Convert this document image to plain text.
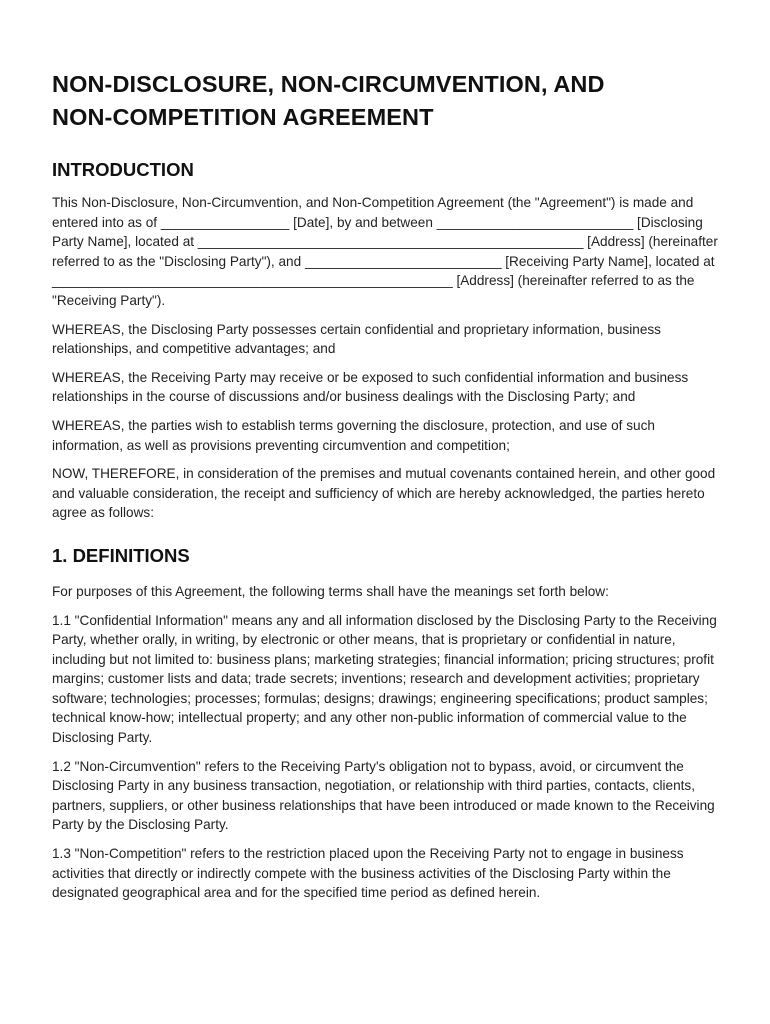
NON-DISCLOSURE, NON-CIRCUMVENTION, AND
NON-COMPETITION AGREEMENT
INTRODUCTION

This Non-Disclosure, Non-Circumvention, and Non-Competition Agreement (the "Agreement") is made and entered into as of _________________ [Date], by and between __________________________ [Disclosing Party Name], located at ___________________________________________________ [Address] (hereinafter referred to as the "Disclosing Party"), and __________________________ [Receiving Party Name], located at _____________________________________________________ [Address] (hereinafter referred to as the "Receiving Party").

WHEREAS, the Disclosing Party possesses certain confidential and proprietary information, business relationships, and competitive advantages; and

WHEREAS, the Receiving Party may receive or be exposed to such confidential information and business relationships in the course of discussions and/or business dealings with the Disclosing Party; and

WHEREAS, the parties wish to establish terms governing the disclosure, protection, and use of such information, as well as provisions preventing circumvention and competition;

NOW, THEREFORE, in consideration of the premises and mutual covenants contained herein, and other good and valuable consideration, the receipt and sufficiency of which are hereby acknowledged, the parties hereto agree as follows:

1. DEFINITIONS

For purposes of this Agreement, the following terms shall have the meanings set forth below:

1.1 "Confidential Information" means any and all information disclosed by the Disclosing Party to the Receiving Party, whether orally, in writing, by electronic or other means, that is proprietary or confidential in nature, including but not limited to: business plans; marketing strategies; financial information; pricing structures; profit margins; customer lists and data; trade secrets; inventions; research and development activities; proprietary software; technologies; processes; formulas; designs; drawings; engineering specifications; product samples; technical know-how; intellectual property; and any other non-public information of commercial value to the Disclosing Party.

1.2 "Non-Circumvention" refers to the Receiving Party's obligation not to bypass, avoid, or circumvent the Disclosing Party in any business transaction, negotiation, or relationship with third parties, contacts, clients, partners, suppliers, or other business relationships that have been introduced or made known to the Receiving Party by the Disclosing Party.

1.3 "Non-Competition" refers to the restriction placed upon the Receiving Party not to engage in business activities that directly or indirectly compete with the business activities of the Disclosing Party within the designated geographical area and for the specified time period as defined herein.
